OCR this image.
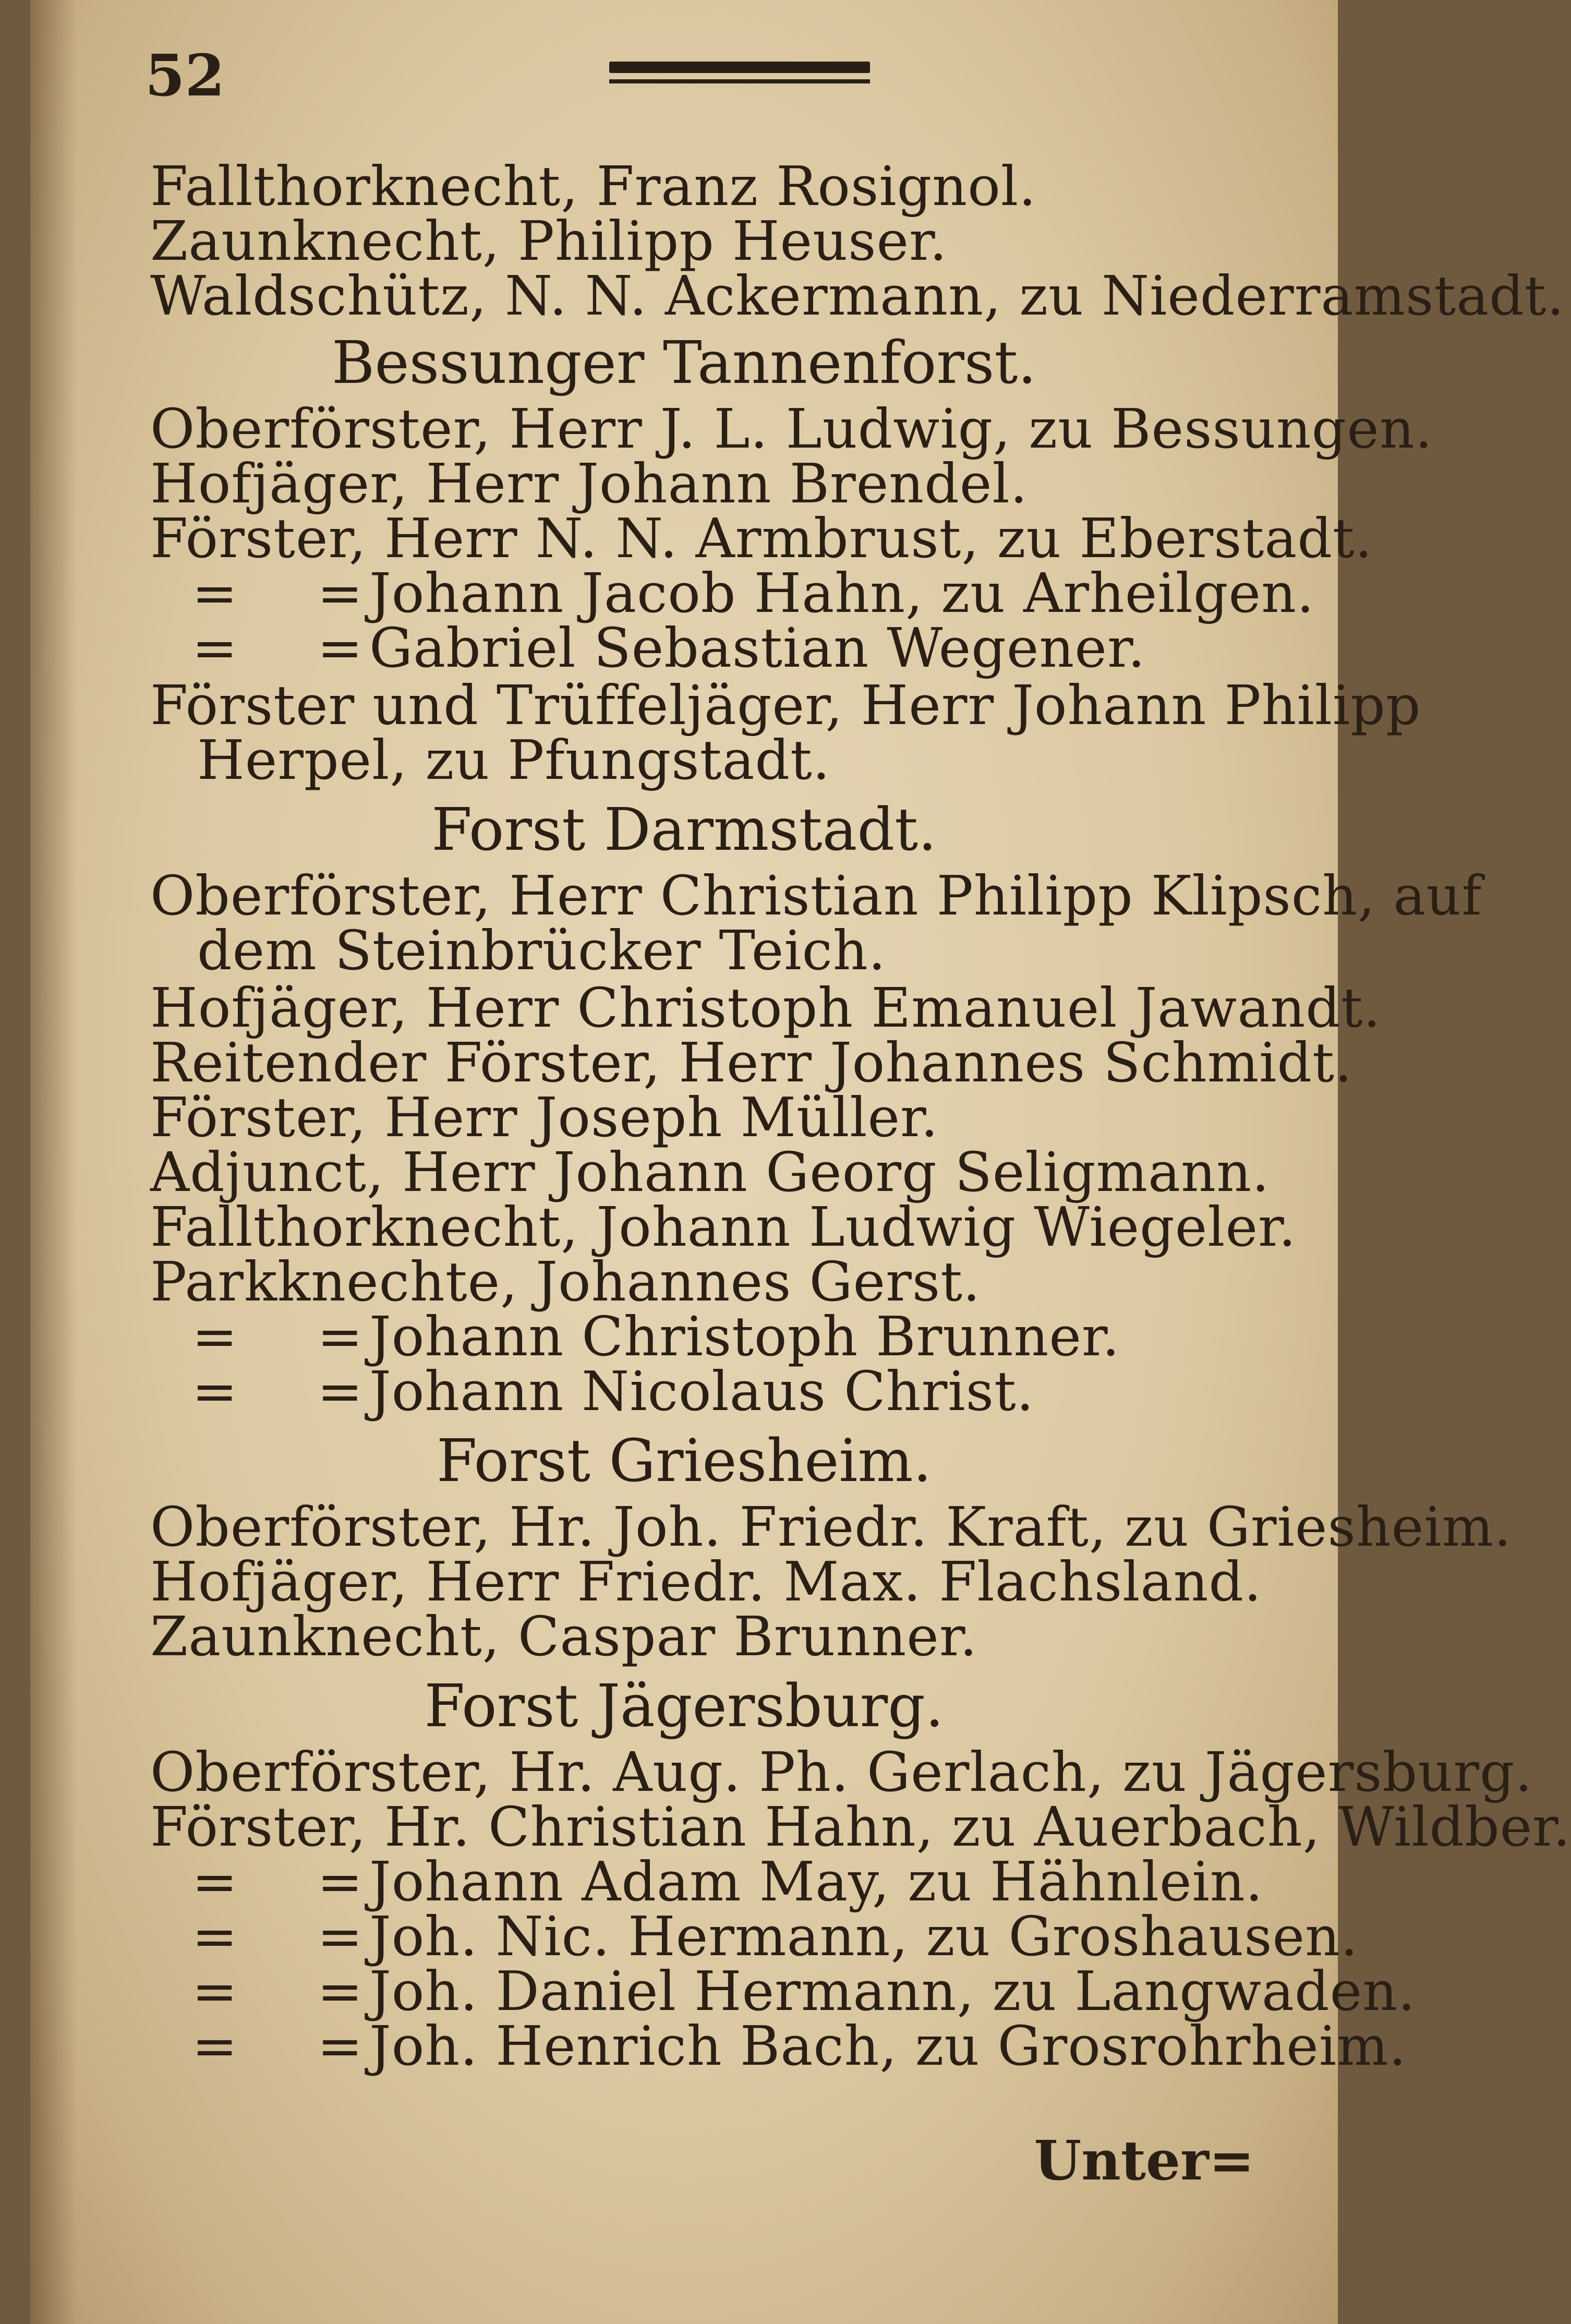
52
Fallthorknecht, Franz Rosignol.
Zaunknecht, Philipp Heuser.
Waldschütz, N. N. Ackermann, zu Niederramstadt.
Bessunger Tannenforst.
Oberförster, Herr J. L. Ludwig, zu Bessungen.
Hofjäger, Herr Johann Brendel.
Förster, Herr N. N. Armbrust, zu Eberstadt.
= =Johann Jacob Hahn, zu Arheilgen.
= =Gabriel Sebastian Wegener.
Förster und Trüffeljäger, Herr Johann Philipp
Herpel, zu Pfungstadt.
Forst Darmstadt.
Oberförster, Herr Christian Philipp Klipsch, auf
dem Steinbrücker Teich.
Hofjäger, Herr Christoph Emanuel Jawandt.
Reitender Förster, Herr Johannes Schmidt.
Förster, Herr Joseph Müller.
Adjunct, Herr Johann Georg Seligmann.
Fallthorknecht, Johann Ludwig Wiegeler.
Parkknechte, Johannes Gerst.
= =Johann Christoph Brunner.
= =Johann Nicolaus Christ.
Forst Griesheim.
Oberförster, Hr. Joh. Friedr. Kraft, zu Griesheim.
Hofjäger, Herr Friedr. Max. Flachsland.
Zaunknecht, Caspar Brunner.
Forst Jägersburg.
Oberförster, Hr. Aug. Ph. Gerlach, zu Jägersburg.
Förster, Hr. Christian Hahn, zu Auerbach, Wildber.
= =Johann Adam May, zu Hähnlein.
= =Joh. Nic. Hermann, zu Groshausen.
= =Joh. Daniel Hermann, zu Langwaden.
= =Joh. Henrich Bach, zu Grosrohrheim.
Unter=
